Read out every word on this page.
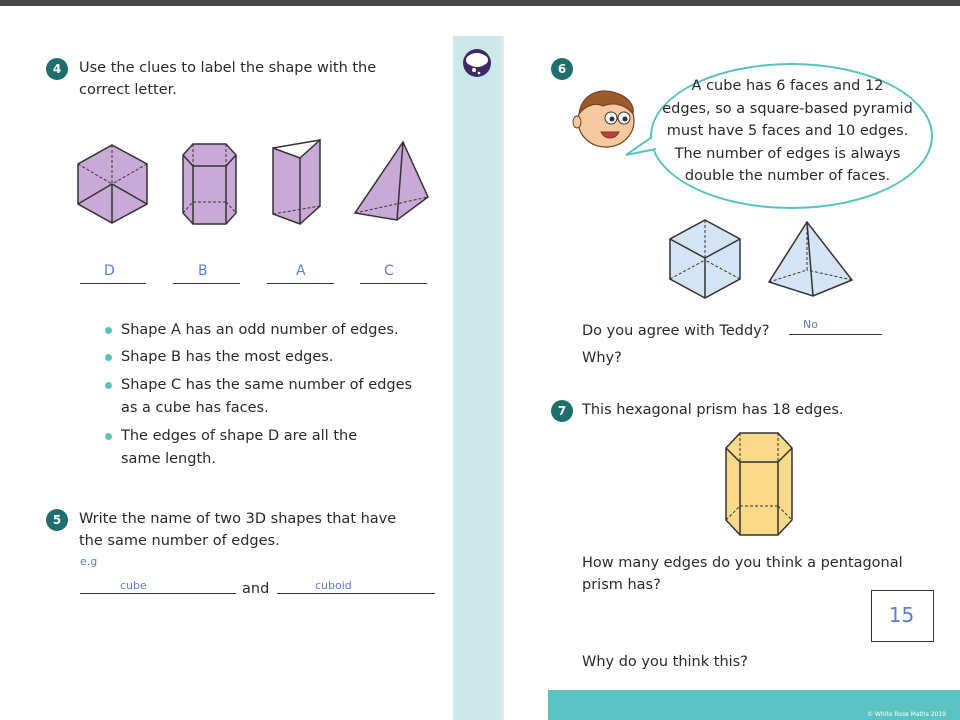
4	Use the clues to label the shape with the
correct letter.
D	B	A	C
Shape A has an odd number of edges.
Shape B has the most edges.
Shape C has the same number of edges
as a cube has faces.
The edges of shape D are all the
same length.
5	Write the name of two 3D shapes that have
the same number of edges.
e.g
cube	and	cuboid
6
A cube has 6 faces and 12
edges, so a square-based pyramid
must have 5 faces and 10 edges.
The number of edges is always
double the number of faces.
Do you agree with Teddy?	No
Why?
7	This hexagonal prism has 18 edges.
How many edges do you think a pentagonal
prism has?
15
Why do you think this?
© White Rose Maths 2019
